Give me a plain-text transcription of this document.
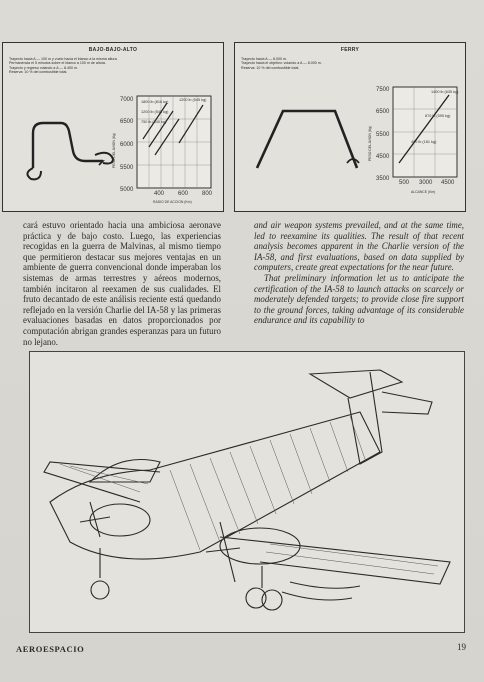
BAJO-BAJO-ALTO
Trayecto hacia A — 100 m y vuelo hacia el blanco a la misma altura
Permanencia el 5 minutos sobre el blanco a 100 m de altura.
Trayecto y regreso volando a A — 8.400 m.
Reserva: 10 % del combustible total.
7000
6500
6000
5500
5000
400 600 800
PESO DEL AVION (Kg)
RADIO DE ACCION (Km)
1800 lb (816 kg)
1200 lb (545 kg)
750 lb (340 kg)
1200 lb (545 kg)
FERRY
Trayecto hacia A — 8.000 m.
Trayecto hacia el objetivo: volando a A — 8.000 m.
Reserva: 10 % del combustible total.
7500
6500
5500
4500
3500
500 3000 4500
PESO DEL AVION (Kg)
ALCANCE (Km)
1400 lb (635 kg)
870 lb (395 kg)
400 lb (181 kg)

cará estuvo orientado hacia una ambiciosa aeronave práctica y de bajo costo. Luego, las experiencias recogidas en la guerra de Malvinas, al mismo tiempo que permitieron destacar sus mejores ventajas en un ambiente de guerra convencional donde imperaban los sistemas de armas terrestres y aéreos modernos, también incitaron al reexamen de sus cualidades. El fruto decantado de este análisis reciente está quedando reflejado en la versión Charlie del IA-58 y las primeras evaluaciones basadas en datos proporcionados por computación abrigan grandes esperanzas para un futuro no lejano.

and air weapon systems prevailed, and at the same time, led to reexamine its qualities. The result of that recent analysis becomes apparent in the Charlie version of the IA-58, and first evaluations, based on data supplied by computers, create great expectations for the near future.

That preliminary information let us to anticipate the certification of the IA-58 to launch attacks on scarcely or moderately defended targets; to provide close fire support to the ground forces, taking advantage of its considerable endurance and its capability to

AEROESPACIO	19
